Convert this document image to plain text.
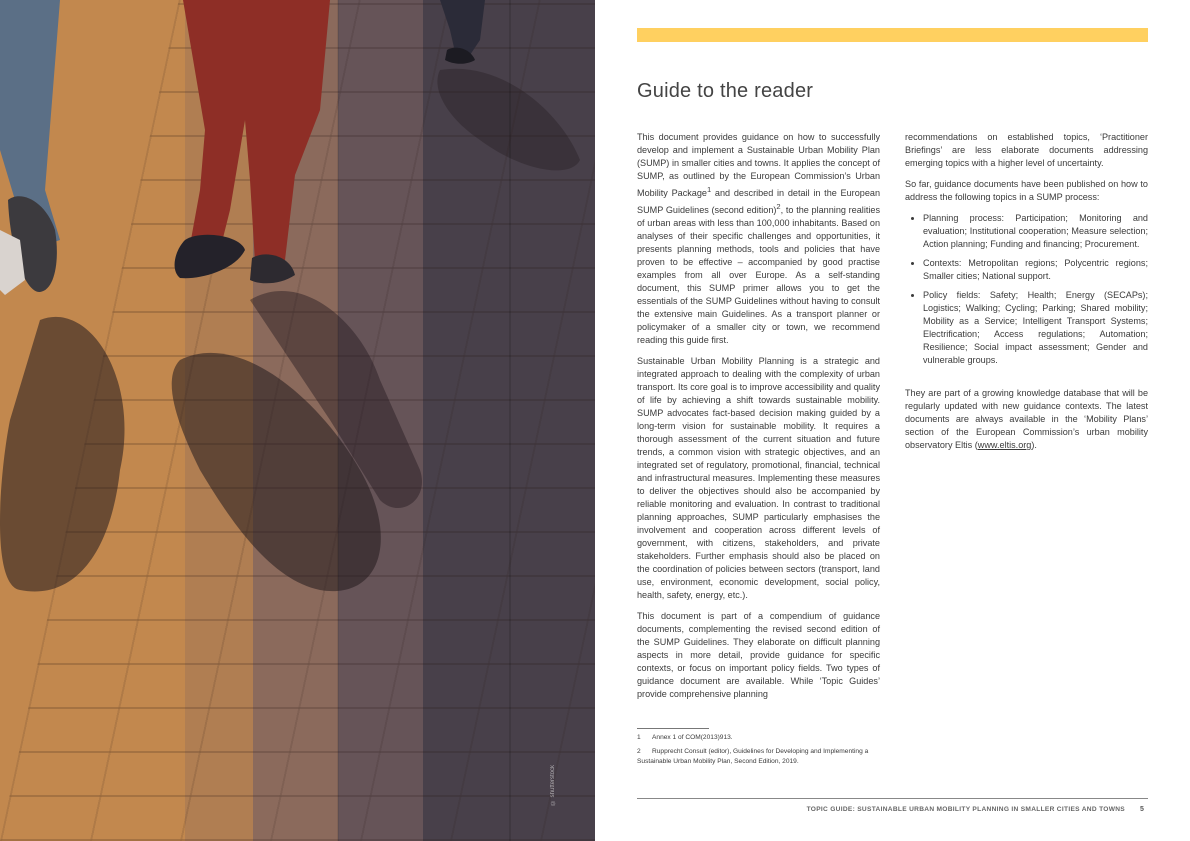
© shutterstock
Guide to the reader

This document provides guidance on how to successfully develop and implement a Sustainable Urban Mobility Plan (SUMP) in smaller cities and towns. It applies the concept of SUMP, as outlined by the European Commission’s Urban Mobility Package$^1$ and described in detail in the European SUMP Guidelines (second edition)$^2$, to the planning realities of urban areas with less than 100,000 inhabitants. Based on analyses of their specific challenges and opportunities, it presents planning methods, tools and policies that have proven to be effective – accompanied by good practise examples from all over Europe. As a self-standing document, this SUMP primer allows you to get the essentials of the SUMP Guidelines without having to consult the extensive main Guidelines. As a transport planner or policymaker of a smaller city or town, we recommend reading this guide first.

Sustainable Urban Mobility Planning is a strategic and integrated approach to dealing with the complexity of urban transport. Its core goal is to improve accessibility and quality of life by achieving a shift towards sustainable mobility. SUMP advocates fact-based decision making guided by a long-term vision for sustainable mobility. It requires a thorough assessment of the current situation and future trends, a common vision with strategic objectives, and an integrated set of regulatory, promotional, financial, technical and infrastructural measures. Implementing these measures to deliver the objectives should also be accompanied by reliable monitoring and evaluation. In contrast to traditional planning approaches, SUMP particularly emphasises the involvement and cooperation across different levels of government, with citizens, stakeholders, and private stakeholders. Further emphasis should also be placed on the coordination of policies between sectors (transport, land use, environment, economic development, social policy, health, safety, energy, etc.).

This document is part of a compendium of guidance documents, complementing the revised second edition of the SUMP Guidelines. They elaborate on difficult planning aspects in more detail, provide guidance for specific contexts, or focus on important policy fields. Two types of guidance document are available. While ‘Topic Guides’ provide comprehensive planning

recommendations on established topics, ‘Practitioner Briefings’ are less elaborate documents addressing emerging topics with a higher level of uncertainty.

So far, guidance documents have been published on how to address the following topics in a SUMP process:

• Planning process: Participation; Monitoring and evaluation; Institutional cooperation; Measure selection; Action planning; Funding and financing; Procurement.
• Contexts: Metropolitan regions; Polycentric regions; Smaller cities; National support.
• Policy fields: Safety; Health; Energy (SECAPs); Logistics; Walking; Cycling; Parking; Shared mobility; Mobility as a Service; Intelligent Transport Systems; Electrification; Access regulations; Automation; Resilience; Social impact assessment; Gender and vulnerable groups.

They are part of a growing knowledge database that will be regularly updated with new guidance contexts. The latest documents are always available in the ‘Mobility Plans’ section of the European Commission’s urban mobility observatory Eltis (www.eltis.org).

1 Annex 1 of COM(2013)913.
2 Rupprecht Consult (editor), Guidelines for Developing and Implementing a Sustainable Urban Mobility Plan, Second Edition, 2019.
TOPIC GUIDE: SUSTAINABLE URBAN MOBILITY PLANNING IN SMALLER CITIES AND TOWNS 5
